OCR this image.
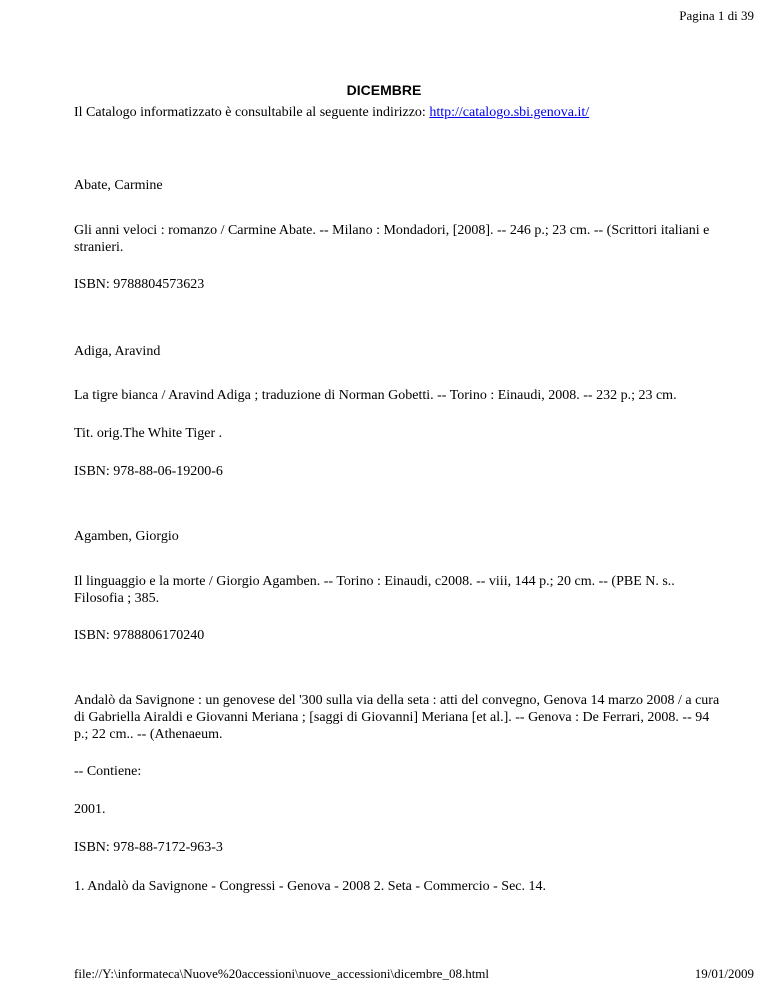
Pagina 1 di 39
DICEMBRE
Il Catalogo informatizzato è consultabile al seguente indirizzo: http://catalogo.sbi.genova.it/

Abate, Carmine

Gli anni veloci : romanzo / Carmine Abate. -- Milano : Mondadori, [2008]. -- 246 p.; 23 cm. -- (Scrittori italiani e stranieri.

ISBN: 9788804573623

Adiga, Aravind

La tigre bianca / Aravind Adiga ; traduzione di Norman Gobetti. -- Torino : Einaudi, 2008. -- 232 p.; 23 cm.

Tit. orig.The White Tiger .

ISBN: 978-88-06-19200-6

Agamben, Giorgio

Il linguaggio e la morte / Giorgio Agamben. -- Torino : Einaudi, c2008. -- viii, 144 p.; 20 cm. -- (PBE N. s.. Filosofia ; 385.

ISBN: 9788806170240

Andalò da Savignone : un genovese del '300 sulla via della seta : atti del convegno, Genova 14 marzo 2008 / a cura di Gabriella Airaldi e Giovanni Meriana ; [saggi di Giovanni] Meriana [et al.]. -- Genova : De Ferrari, 2008. -- 94 p.; 22 cm.. -- (Athenaeum.

-- Contiene:

2001.

ISBN: 978-88-7172-963-3

1. Andalò da Savignone - Congressi - Genova - 2008 2. Seta - Commercio - Sec. 14.

file://Y:\informateca\Nuove%20accessioni\nuove_accessioni\dicembre_08.html	19/01/2009
